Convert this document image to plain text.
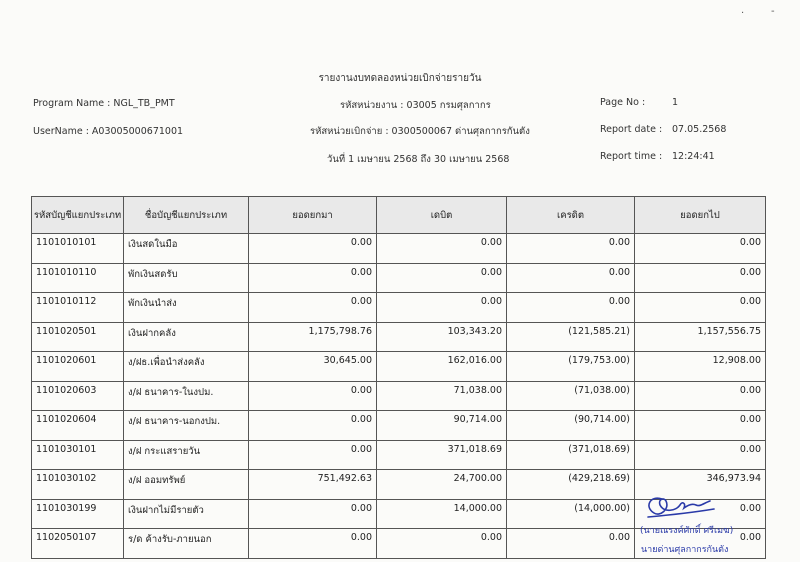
·	-
รายงานงบทดลองหน่วยเบิกจ่ายรายวัน
Program Name : NGL_TB_PMT	รหัสหน่วยงาน : 03005 กรมศุลกากร	Page No :	1
UserName : A03005000671001	รหัสหน่วยเบิกจ่าย : 0300500067 ด่านศุลกากรกันตัง	Report date : 07.05.2568
วันที่ 1 เมษายน 2568 ถึง 30 เมษายน 2568	Report time : 12:24:41
รหัสบัญชีแยกประเภท	ชื่อบัญชีแยกประเภท	ยอดยกมา	เดบิต	เครดิต	ยอดยกไป
1101010101	เงินสดในมือ	0.00	0.00	0.00	0.00
1101010110	พักเงินสดรับ	0.00	0.00	0.00	0.00
1101010112	พักเงินนำส่ง	0.00	0.00	0.00	0.00
1101020501	เงินฝากคลัง	1,175,798.76	103,343.20	(121,585.21)	1,157,556.75
1101020601	ง/ฝธ.เพื่อนำส่งคลัง	30,645.00	162,016.00	(179,753.00)	12,908.00
1101020603	ง/ฝ ธนาคาร-ในงปม.	0.00	71,038.00	(71,038.00)	0.00
1101020604	ง/ฝ ธนาคาร-นอกงปม.	0.00	90,714.00	(90,714.00)	0.00
1101030101	ง/ฝ กระแสรายวัน	0.00	371,018.69	(371,018.69)	0.00
1101030102	ง/ฝ ออมทรัพย์	751,492.63	24,700.00	(429,218.69)	346,973.94
1101030199	เงินฝากไม่มีรายตัว	0.00	14,000.00	(14,000.00)	0.00
1102050107	ร/ด ค้างรับ-ภายนอก	0.00	0.00	0.00	0.00
(นายณรงค์ศักดิ์ ศรีเมฆ)
นายด่านศุลกากรกันตัง
